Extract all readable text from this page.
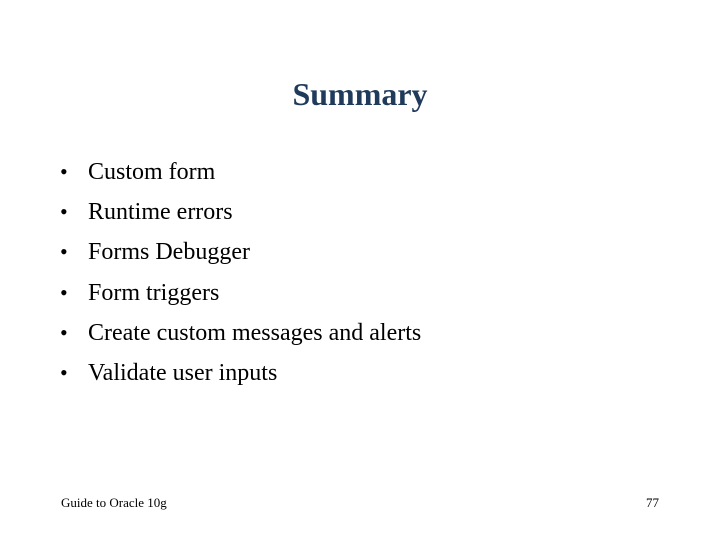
Summary
• Custom form
• Runtime errors
• Forms Debugger
• Form triggers
• Create custom messages and alerts
• Validate user inputs
Guide to Oracle 10g	77
